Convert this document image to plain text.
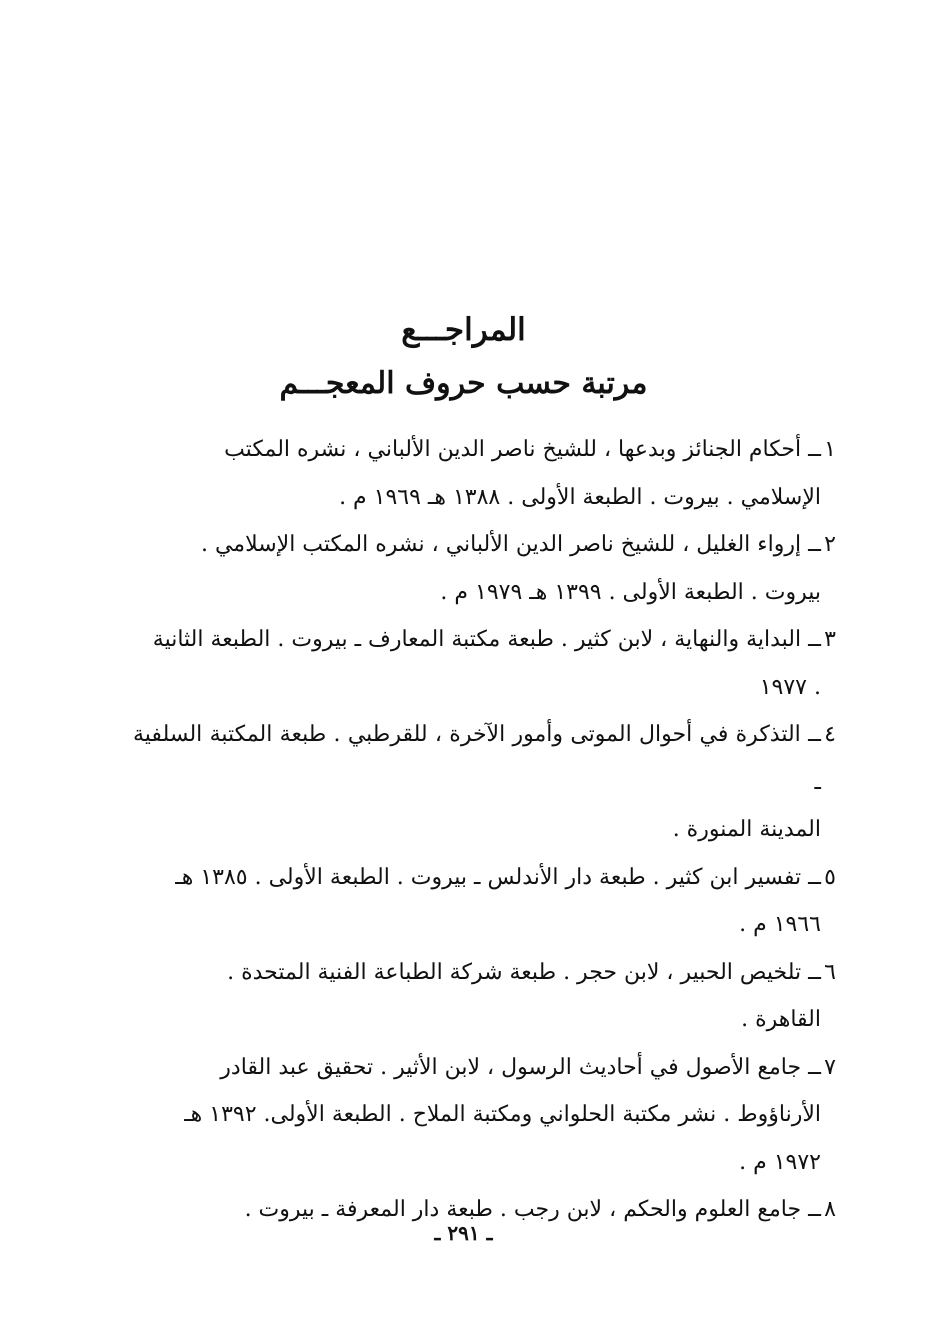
المراجـــع
مرتبة حسب حروف المعجـــم
١
ــ أحكام الجنائز وبدعها ، للشيخ ناصر الدين الألباني ، نشره المكتب
الإسلامي . بيروت . الطبعة الأولى . ١٣٨٨ هـ ١٩٦٩ م .
٢
ــ إرواء الغليل ، للشيخ ناصر الدين الألباني ، نشره المكتب الإسلامي .
بيروت . الطبعة الأولى . ١٣٩٩ هـ ١٩٧٩ م .
٣
ــ البداية والنهاية ، لابن كثير . طبعة مكتبة المعارف ـ بيروت . الطبعة الثانية
. ١٩٧٧
٤
ــ التذكرة في أحوال الموتى وأمور الآخرة ، للقرطبي . طبعة المكتبة السلفية ـ
المدينة المنورة .
٥
ــ تفسير ابن كثير . طبعة دار الأندلس ـ بيروت . الطبعة الأولى . ١٣٨٥ هـ
١٩٦٦ م .
٦
ــ تلخيص الحبير ، لابن حجر . طبعة شركة الطباعة الفنية المتحدة .
القاهرة .
٧
ــ جامع الأصول في أحاديث الرسول ، لابن الأثير . تحقيق عبد القادر
الأرناؤوط . نشر مكتبة الحلواني ومكتبة الملاح . الطبعة الأولى. ١٣٩٢ هـ
١٩٧٢ م .
٨
ــ جامع العلوم والحكم ، لابن رجب . طبعة دار المعرفة ـ بيروت .
ـ ٢٩١ ـ
